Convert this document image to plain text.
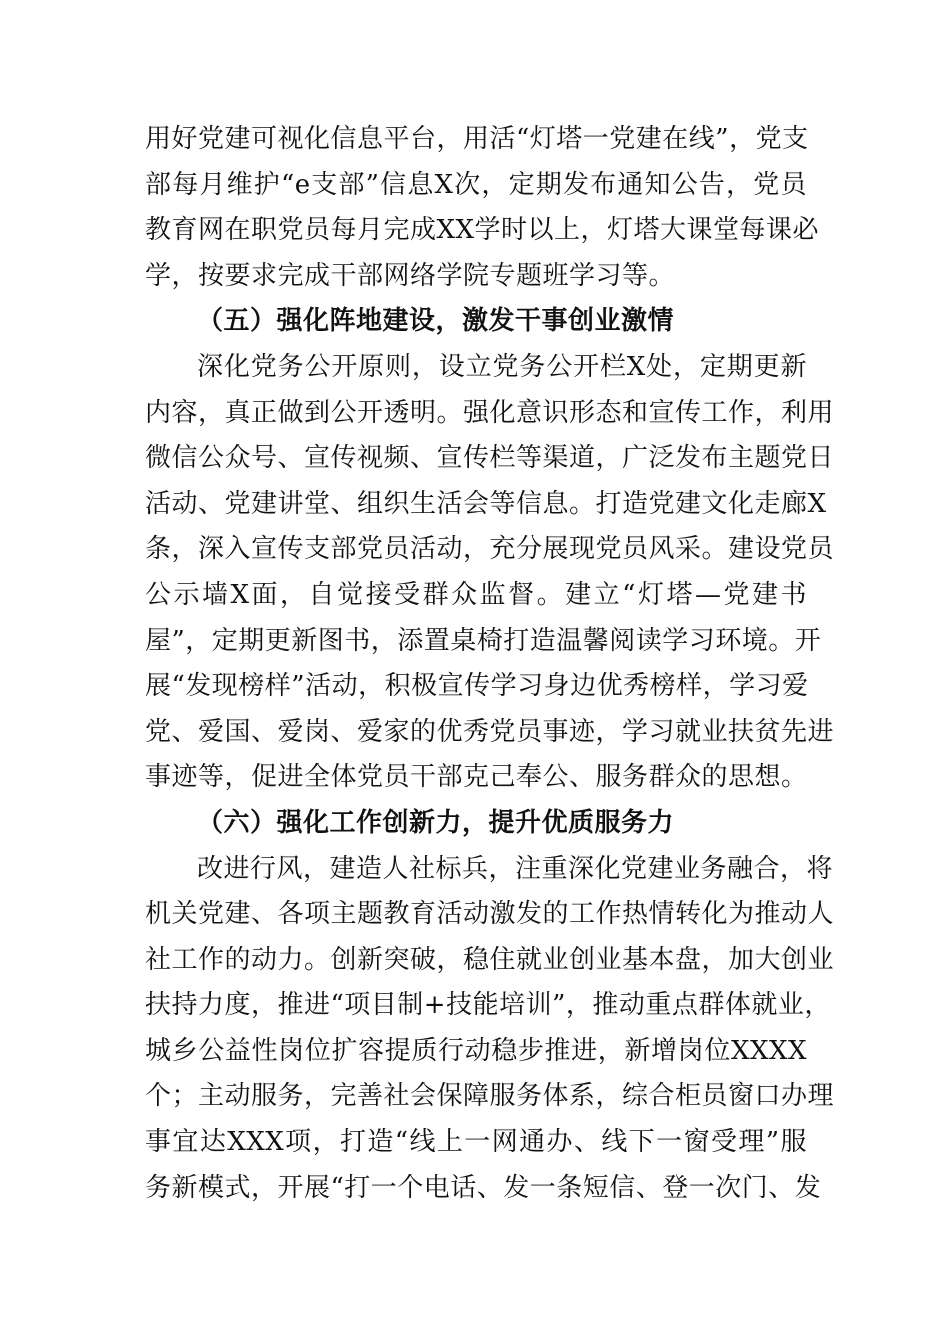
用好党建可视化信息平台，用活“灯塔一党建在线”，党支
部每月维护“e支部”信息X次，定期发布通知公告，党员
教育网在职党员每月完成XX学时以上，灯塔大课堂每课必
学，按要求完成干部网络学院专题班学习等。
（五）强化阵地建设，激发干事创业激情
深化党务公开原则，设立党务公开栏X处，定期更新
内容，真正做到公开透明。强化意识形态和宣传工作，利用
微信公众号、宣传视频、宣传栏等渠道，广泛发布主题党日
活动、党建讲堂、组织生活会等信息。打造党建文化走廊X
条，深入宣传支部党员活动，充分展现党员风采。建设党员
公示墙X面，自觉接受群众监督。建立“灯塔—党建书
屋”，定期更新图书，添置桌椅打造温馨阅读学习环境。开
展“发现榜样”活动，积极宣传学习身边优秀榜样，学习爱
党、爱国、爱岗、爱家的优秀党员事迹，学习就业扶贫先进
事迹等，促进全体党员干部克己奉公、服务群众的思想。
（六）强化工作创新力，提升优质服务力
改进行风，建造人社标兵，注重深化党建业务融合，将
机关党建、各项主题教育活动激发的工作热情转化为推动人
社工作的动力。创新突破，稳住就业创业基本盘，加大创业
扶持力度，推进“项目制+技能培训”，推动重点群体就业，
城乡公益性岗位扩容提质行动稳步推进，新增岗位XXXX
个；主动服务，完善社会保障服务体系，综合柜员窗口办理
事宜达XXX项，打造“线上一网通办、线下一窗受理”服
务新模式，开展“打一个电话、发一条短信、登一次门、发
